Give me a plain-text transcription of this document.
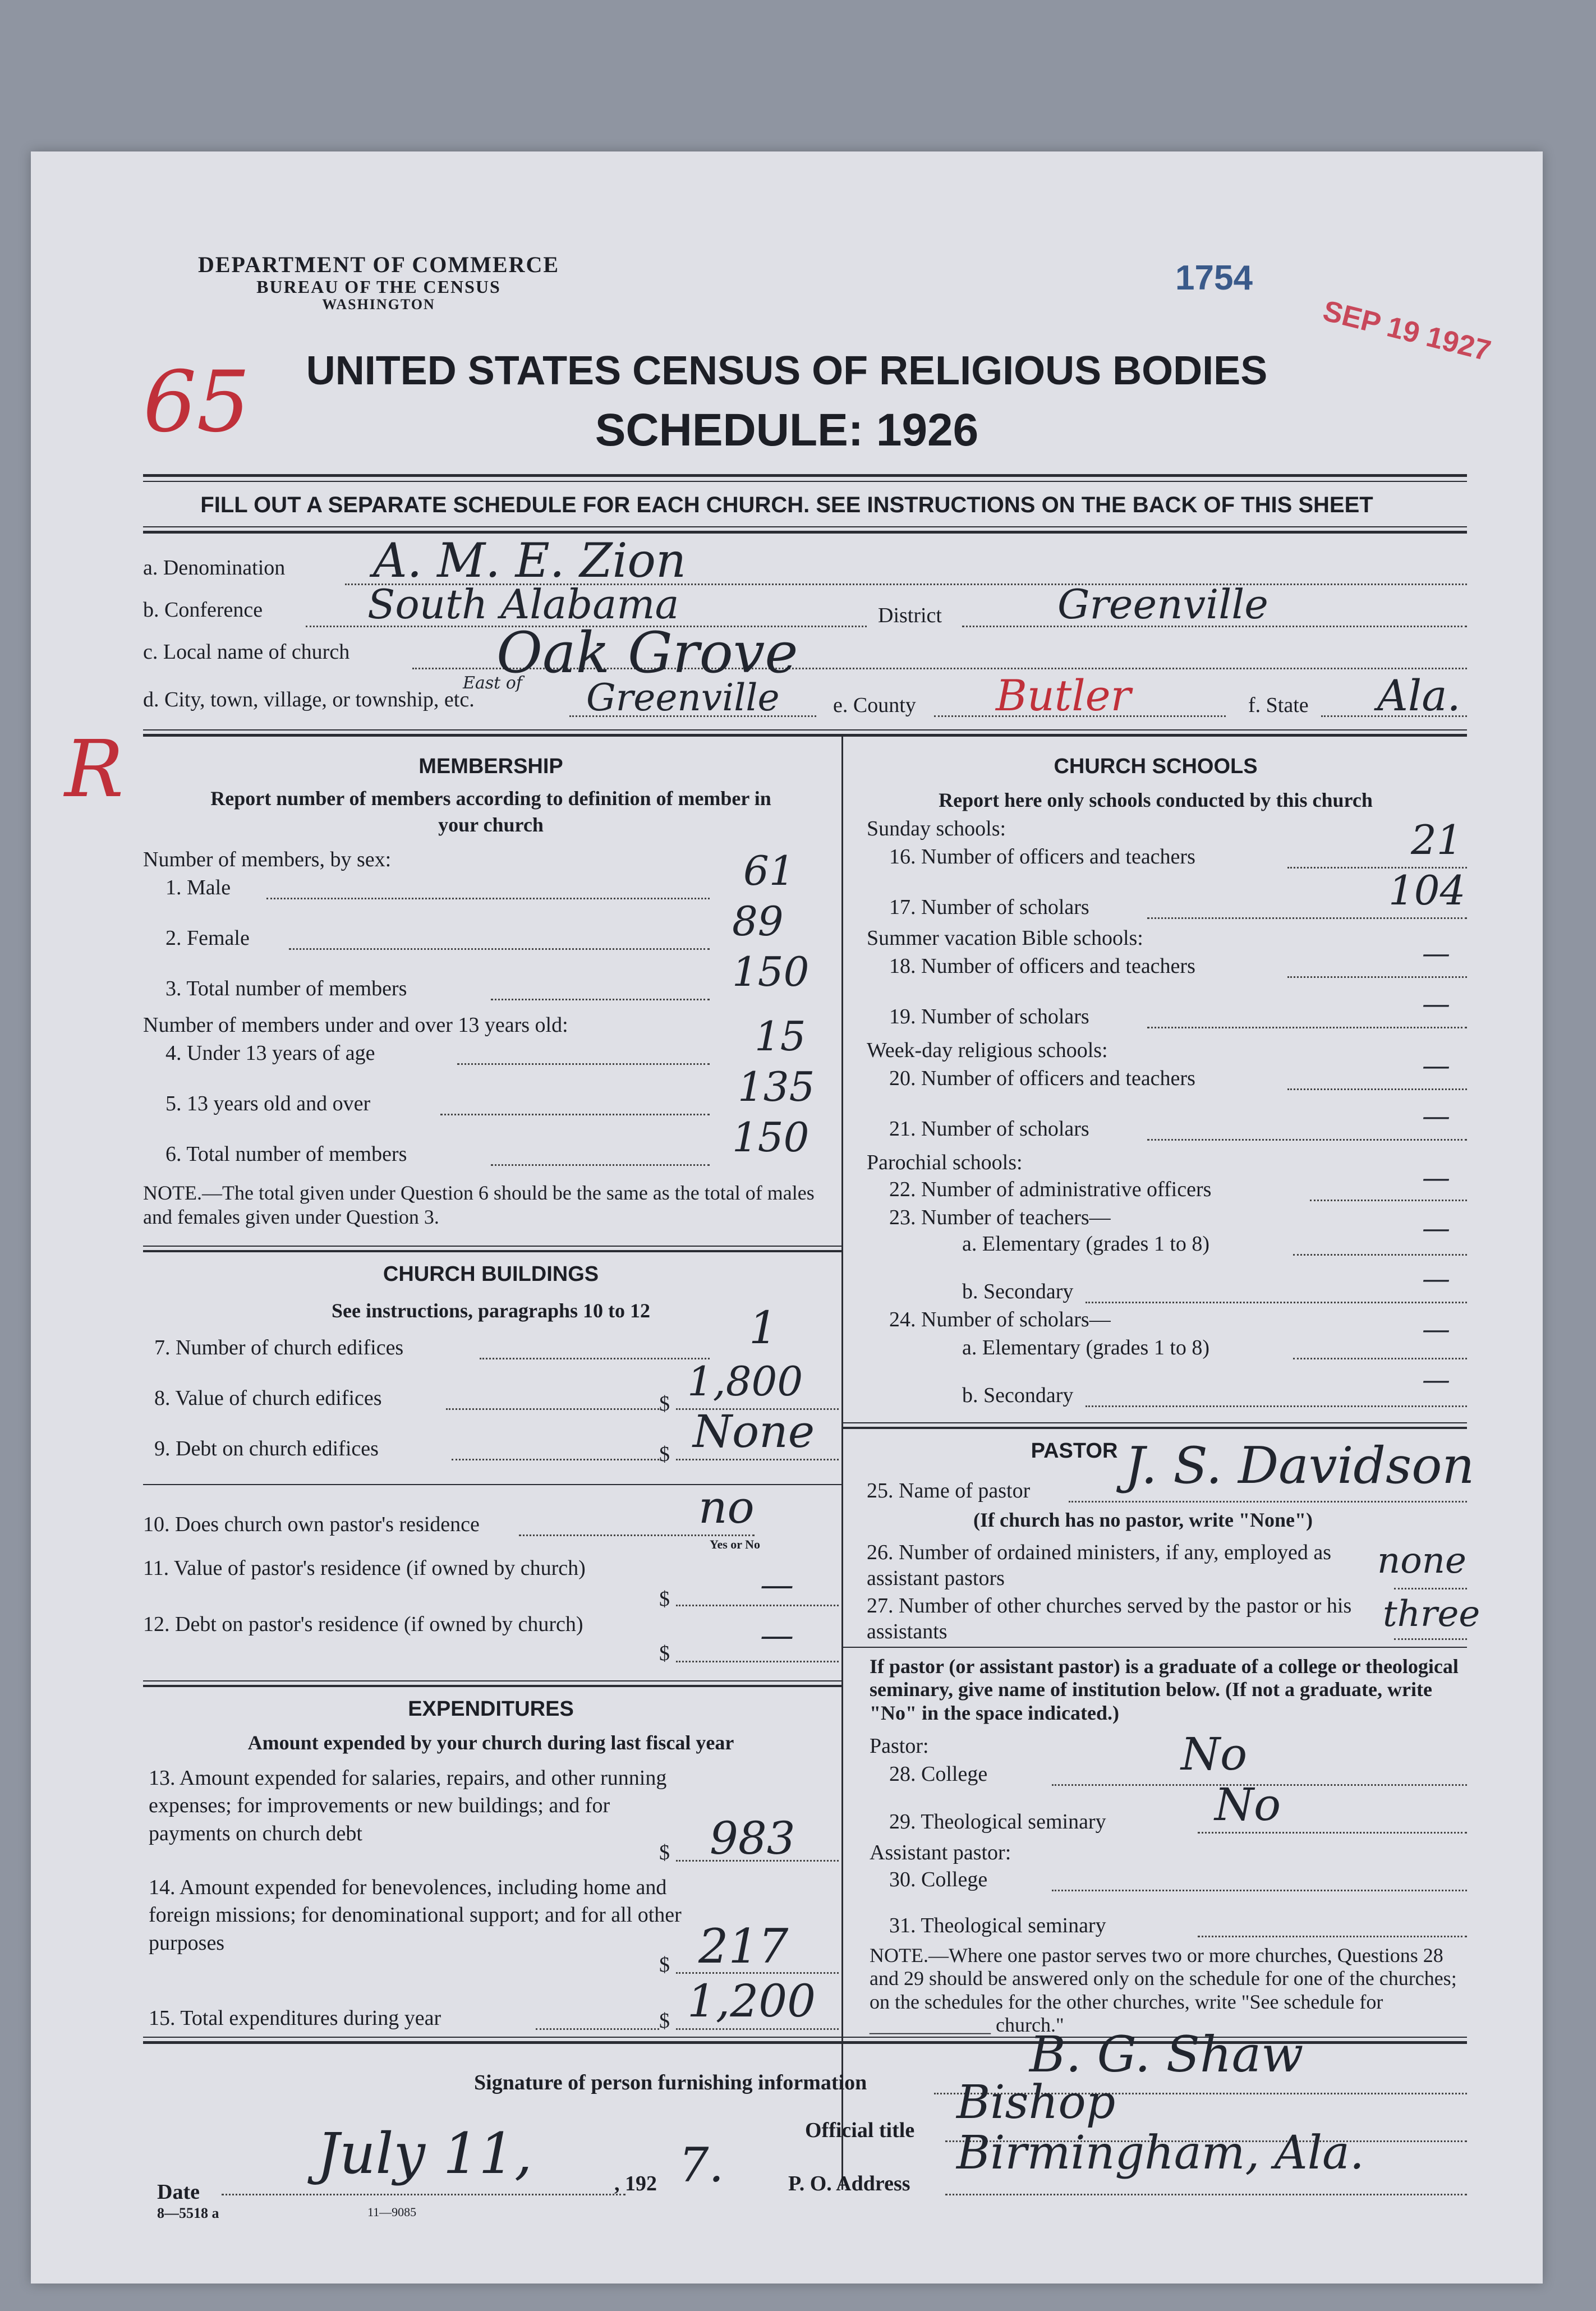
DEPARTMENT OF COMMERCE
BUREAU OF THE CENSUS
WASHINGTON
1754
SEP 19 1927
65
R
UNITED STATES CENSUS OF RELIGIOUS BODIES
SCHEDULE: 1926
FILL OUT A SEPARATE SCHEDULE FOR EACH CHURCH. SEE INSTRUCTIONS ON THE BACK OF THIS SHEET
a. Denomination A. M. E. Zion
b. Conference	South Alabama	District	Greenville
c. Local name of church	Oak Grove
d. City, town, village, or township, etc.
East of Greenville	e. County Butler	f. State Ala.
MEMBERSHIP
Report number of members according to definition of member in your church
Number of members, by sex:
1. Male	61
2. Female	89
3. Total number of members	150
Number of members under and over 13 years old:
4. Under 13 years of age	15
5. 13 years old and over	135
6. Total number of members	150
NOTE.—The total given under Question 6 should be the same as the total of males and females given under Question 3.
CHURCH BUILDINGS
See instructions, paragraphs 10 to 12
7. Number of church edifices	1
8. Value of church edifices	$ 1,800
9. Debt on church edifices	$ None
10. Does church own pastor's residence	no
Yes or No
11. Value of pastor's residence (if owned by church)
$	—
12. Debt on pastor's residence (if owned by church)
$	—
EXPENDITURES
Amount expended by your church during last fiscal year
13. Amount expended for salaries, repairs, and other running expenses; for improvements or new buildings; and for payments on church debt
$ 983
14. Amount expended for benevolences, including home and foreign missions; for denominational support; and for all other purposes
$ 217
15. Total expenditures during year	$ 1,200
CHURCH SCHOOLS
Report here only schools conducted by this church
Sunday schools:
16. Number of officers and teachers	21
17. Number of scholars	104
Summer vacation Bible schools:
18. Number of officers and teachers	—
19. Number of scholars	—
Week-day religious schools:
20. Number of officers and teachers	—
21. Number of scholars	—
Parochial schools:
22. Number of administrative officers	—
23. Number of teachers—
a. Elementary (grades 1 to 8)	—
b. Secondary	—
24. Number of scholars—
a. Elementary (grades 1 to 8)
—
b. Secondary	—
PASTOR
25. Name of pastor J. S. Davidson
(If church has no pastor, write "None")
26. Number of ordained ministers, if any, employed as assistant pastors	none
27. Number of other churches served by the pastor or his assistants	three
If pastor (or assistant pastor) is a graduate of a college or theological seminary, give name of institution below. (If not a graduate, write "No" in the space indicated.)
Pastor:
28. College	No
29. Theological seminary No
Assistant pastor:
30. College
31. Theological seminary
NOTE.—Where one pastor serves two or more churches, Questions 28 and 29 should be answered only on the schedule for one of the churches; on the schedules for the other churches, write "See schedule for ____________ church."
Signature of person furnishing information	B. G. Shaw
Official title
Bishop
Date
July 11,	, 192 7.	P. O. Address
Birmingham, Ala.
8—5518 a	11—9085
